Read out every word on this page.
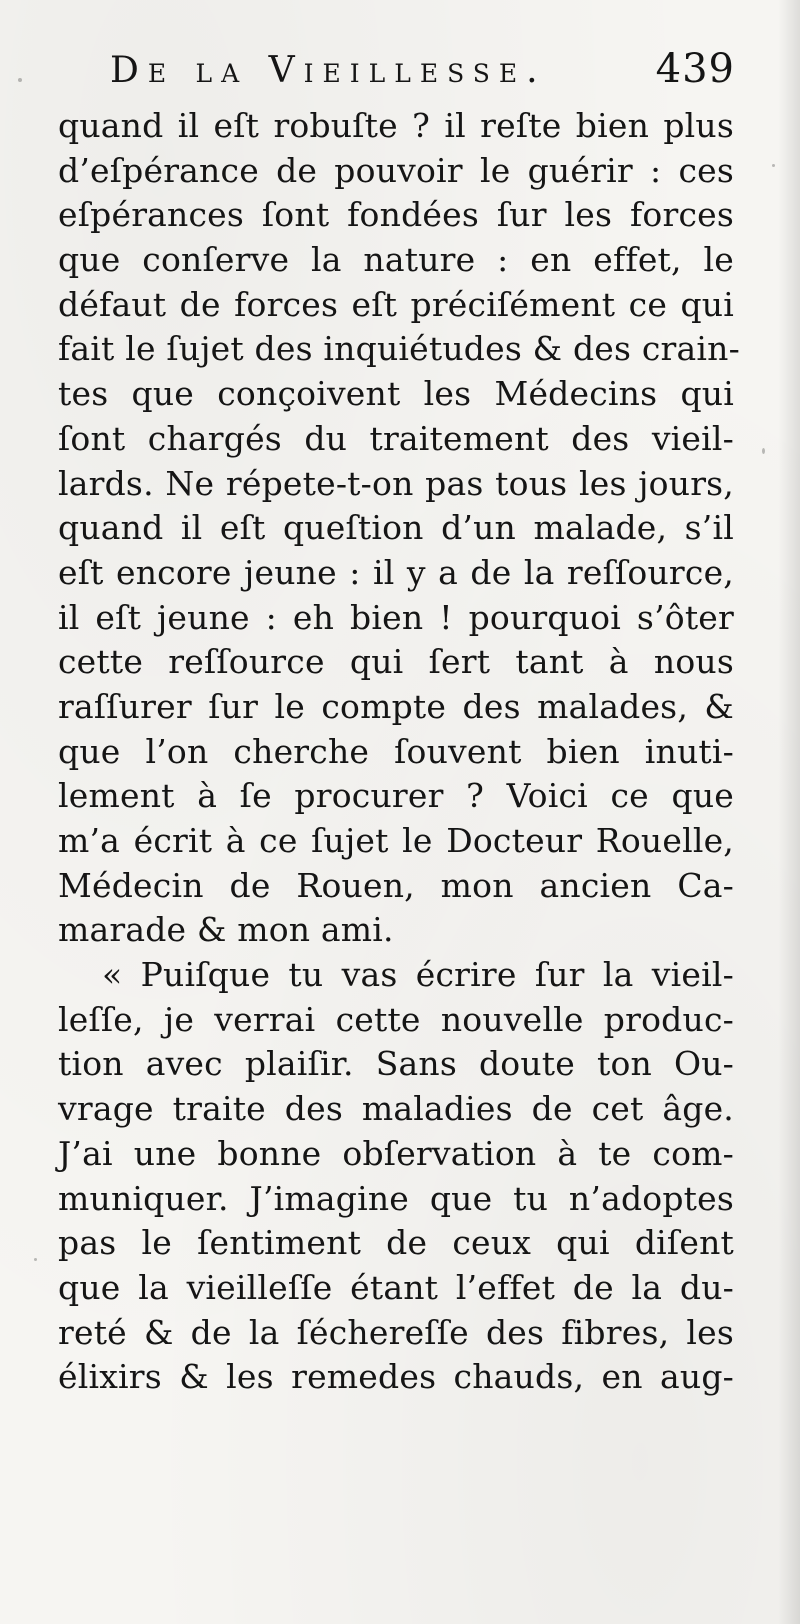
De la Vieillesse.	439
quand il eſt robuſte ? il reſte bien plus
d’eſpérance de pouvoir le guérir : ces
eſpérances ſont fondées ſur les forces
que conſerve la nature : en effet, le
défaut de forces eſt préciſément ce qui
fait le ſujet des inquiétudes & des crain-
tes que conçoivent les Médecins qui
ſont chargés du traitement des vieil-
lards. Ne répete-t-on pas tous les jours,
quand il eſt queſtion d’un malade, s’il
eſt encore jeune : il y a de la reſſource,
il eſt jeune : eh bien ! pourquoi s’ôter
cette reſſource qui ſert tant à nous
raſſurer ſur le compte des malades, &
que l’on cherche ſouvent bien inuti-
lement à ſe procurer ? Voici ce que
m’a écrit à ce ſujet le Docteur Rouelle,
Médecin de Rouen, mon ancien Ca-
marade & mon ami.
« Puiſque tu vas écrire ſur la vieil-
leſſe, je verrai cette nouvelle produc-
tion avec plaiſir. Sans doute ton Ou-
vrage traite des maladies de cet âge.
J’ai une bonne obſervation à te com-
muniquer. J’imagine que tu n’adoptes
pas le ſentiment de ceux qui diſent
que la vieilleſſe étant l’effet de la du-
reté & de la ſéchereſſe des fibres, les
élixirs & les remedes chauds, en aug-
